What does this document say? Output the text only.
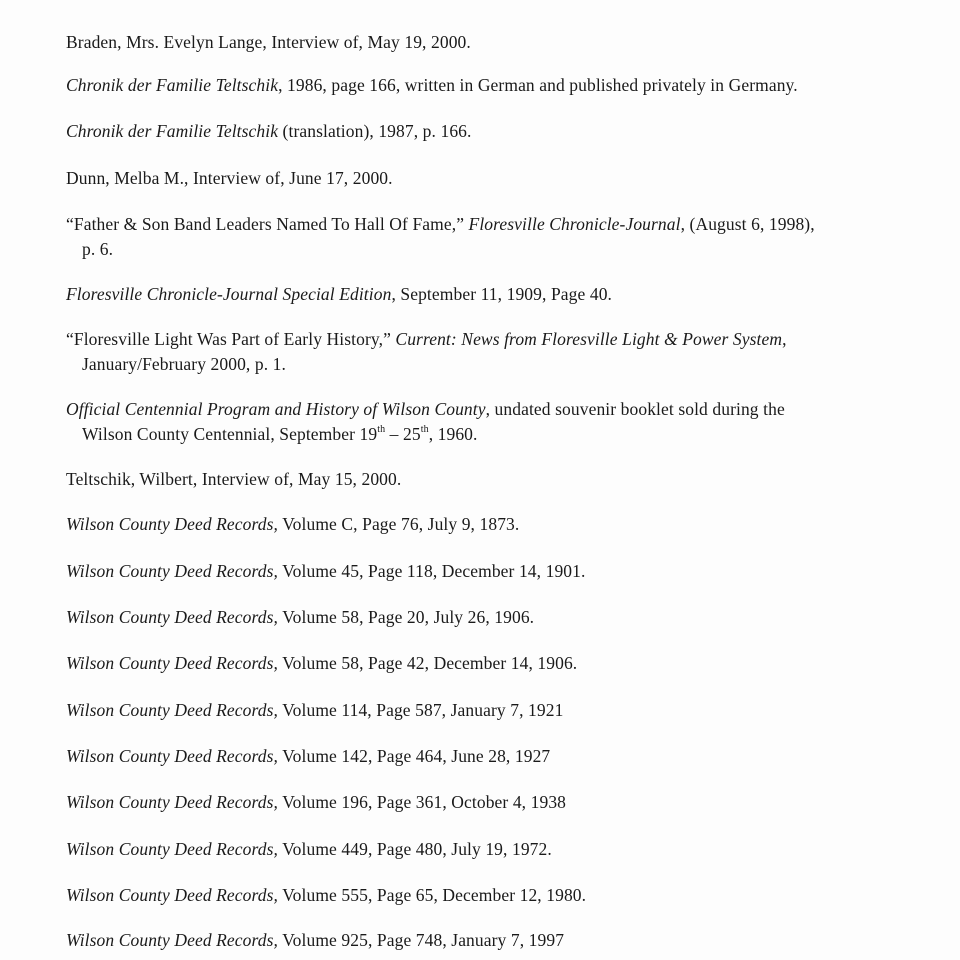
Braden, Mrs. Evelyn Lange, Interview of, May 19, 2000.
Chronik der Familie Teltschik, 1986, page 166, written in German and published privately in Germany.
Chronik der Familie Teltschik (translation), 1987, p. 166.
Dunn, Melba M., Interview of, June 17, 2000.
“Father & Son Band Leaders Named To Hall Of Fame,” Floresville Chronicle-Journal, (August 6, 1998),
p. 6.
Floresville Chronicle-Journal Special Edition, September 11, 1909, Page 40.
“Floresville Light Was Part of Early History,” Current: News from Floresville Light & Power System,
January/February 2000, p. 1.
Official Centennial Program and History of Wilson County, undated souvenir booklet sold during the
Wilson County Centennial, September 19th – 25th, 1960.
Teltschik, Wilbert, Interview of, May 15, 2000.
Wilson County Deed Records, Volume C, Page 76, July 9, 1873.
Wilson County Deed Records, Volume 45, Page 118, December 14, 1901.
Wilson County Deed Records, Volume 58, Page 20, July 26, 1906.
Wilson County Deed Records, Volume 58, Page 42, December 14, 1906.
Wilson County Deed Records, Volume 114, Page 587, January 7, 1921
Wilson County Deed Records, Volume 142, Page 464, June 28, 1927
Wilson County Deed Records, Volume 196, Page 361, October 4, 1938
Wilson County Deed Records, Volume 449, Page 480, July 19, 1972.
Wilson County Deed Records, Volume 555, Page 65, December 12, 1980.
Wilson County Deed Records, Volume 925, Page 748, January 7, 1997
